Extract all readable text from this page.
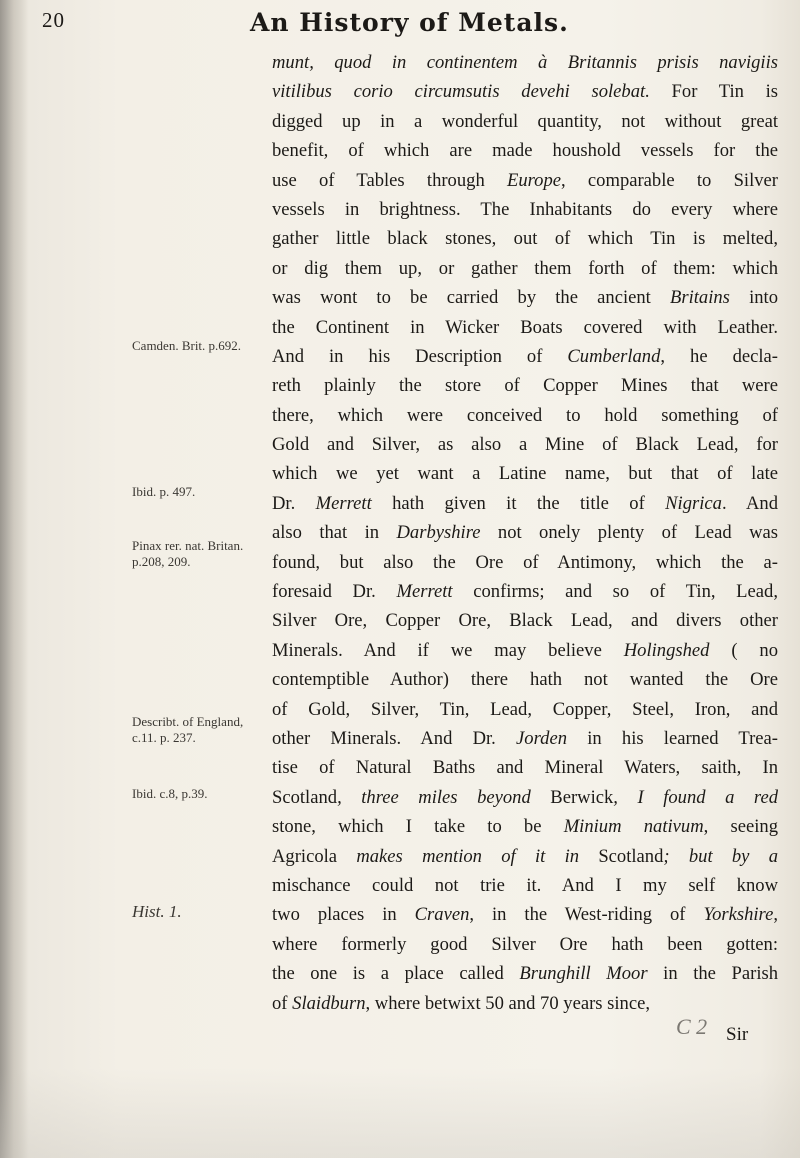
20	An History of Metals.
munt, quod in continentem à Britannis prisis navigiis
vitilibus corio circumsutis devehi solebat. For Tin is
digged up in a wonderful quantity, not without great
benefit, of which are made houshold vessels for the
use of Tables through Europe, comparable to Silver
vessels in brightness. The Inhabitants do every where
gather little black stones, out of which Tin is melted,
or dig them up, or gather them forth of them: which
was wont to be carried by the ancient Britains into
the Continent in Wicker Boats covered with Leather.
And in his Description of Cumberland, he decla-
reth plainly the store of Copper Mines that were
there, which were conceived to hold something of
Gold and Silver, as also a Mine of Black Lead, for
which we yet want a Latine name, but that of late
Dr. Merrett hath given it the title of Nigrica. And
also that in Darbyshire not onely plenty of Lead was
found, but also the Ore of Antimony, which the a-
foresaid Dr. Merrett confirms; and so of Tin, Lead,
Silver Ore, Copper Ore, Black Lead, and divers other
Minerals. And if we may believe Holingshed ( no
contemptible Author) there hath not wanted the Ore
of Gold, Silver, Tin, Lead, Copper, Steel, Iron, and
other Minerals. And Dr. Jorden in his learned Trea-
tise of Natural Baths and Mineral Waters, saith, In
Scotland, three miles beyond Berwick, I found a red
stone, which I take to be Minium nativum, seeing
Agricola makes mention of it in Scotland; but by a
mischance could not trie it. And I my self know
two places in Craven, in the West-riding of Yorkshire,
where formerly good Silver Ore hath been gotten:
the one is a place called Brunghill Moor in the Parish
of Slaidburn, where betwixt 50 and 70 years since,
Camden. Brit. p.692.
Ibid. p. 497.
Pinax rer. nat. Britan. p.208, 209.
Describt. of England, c.11. p. 237.
Ibid. c.8, p.39.
Hist. 1.
C 2 Sir
